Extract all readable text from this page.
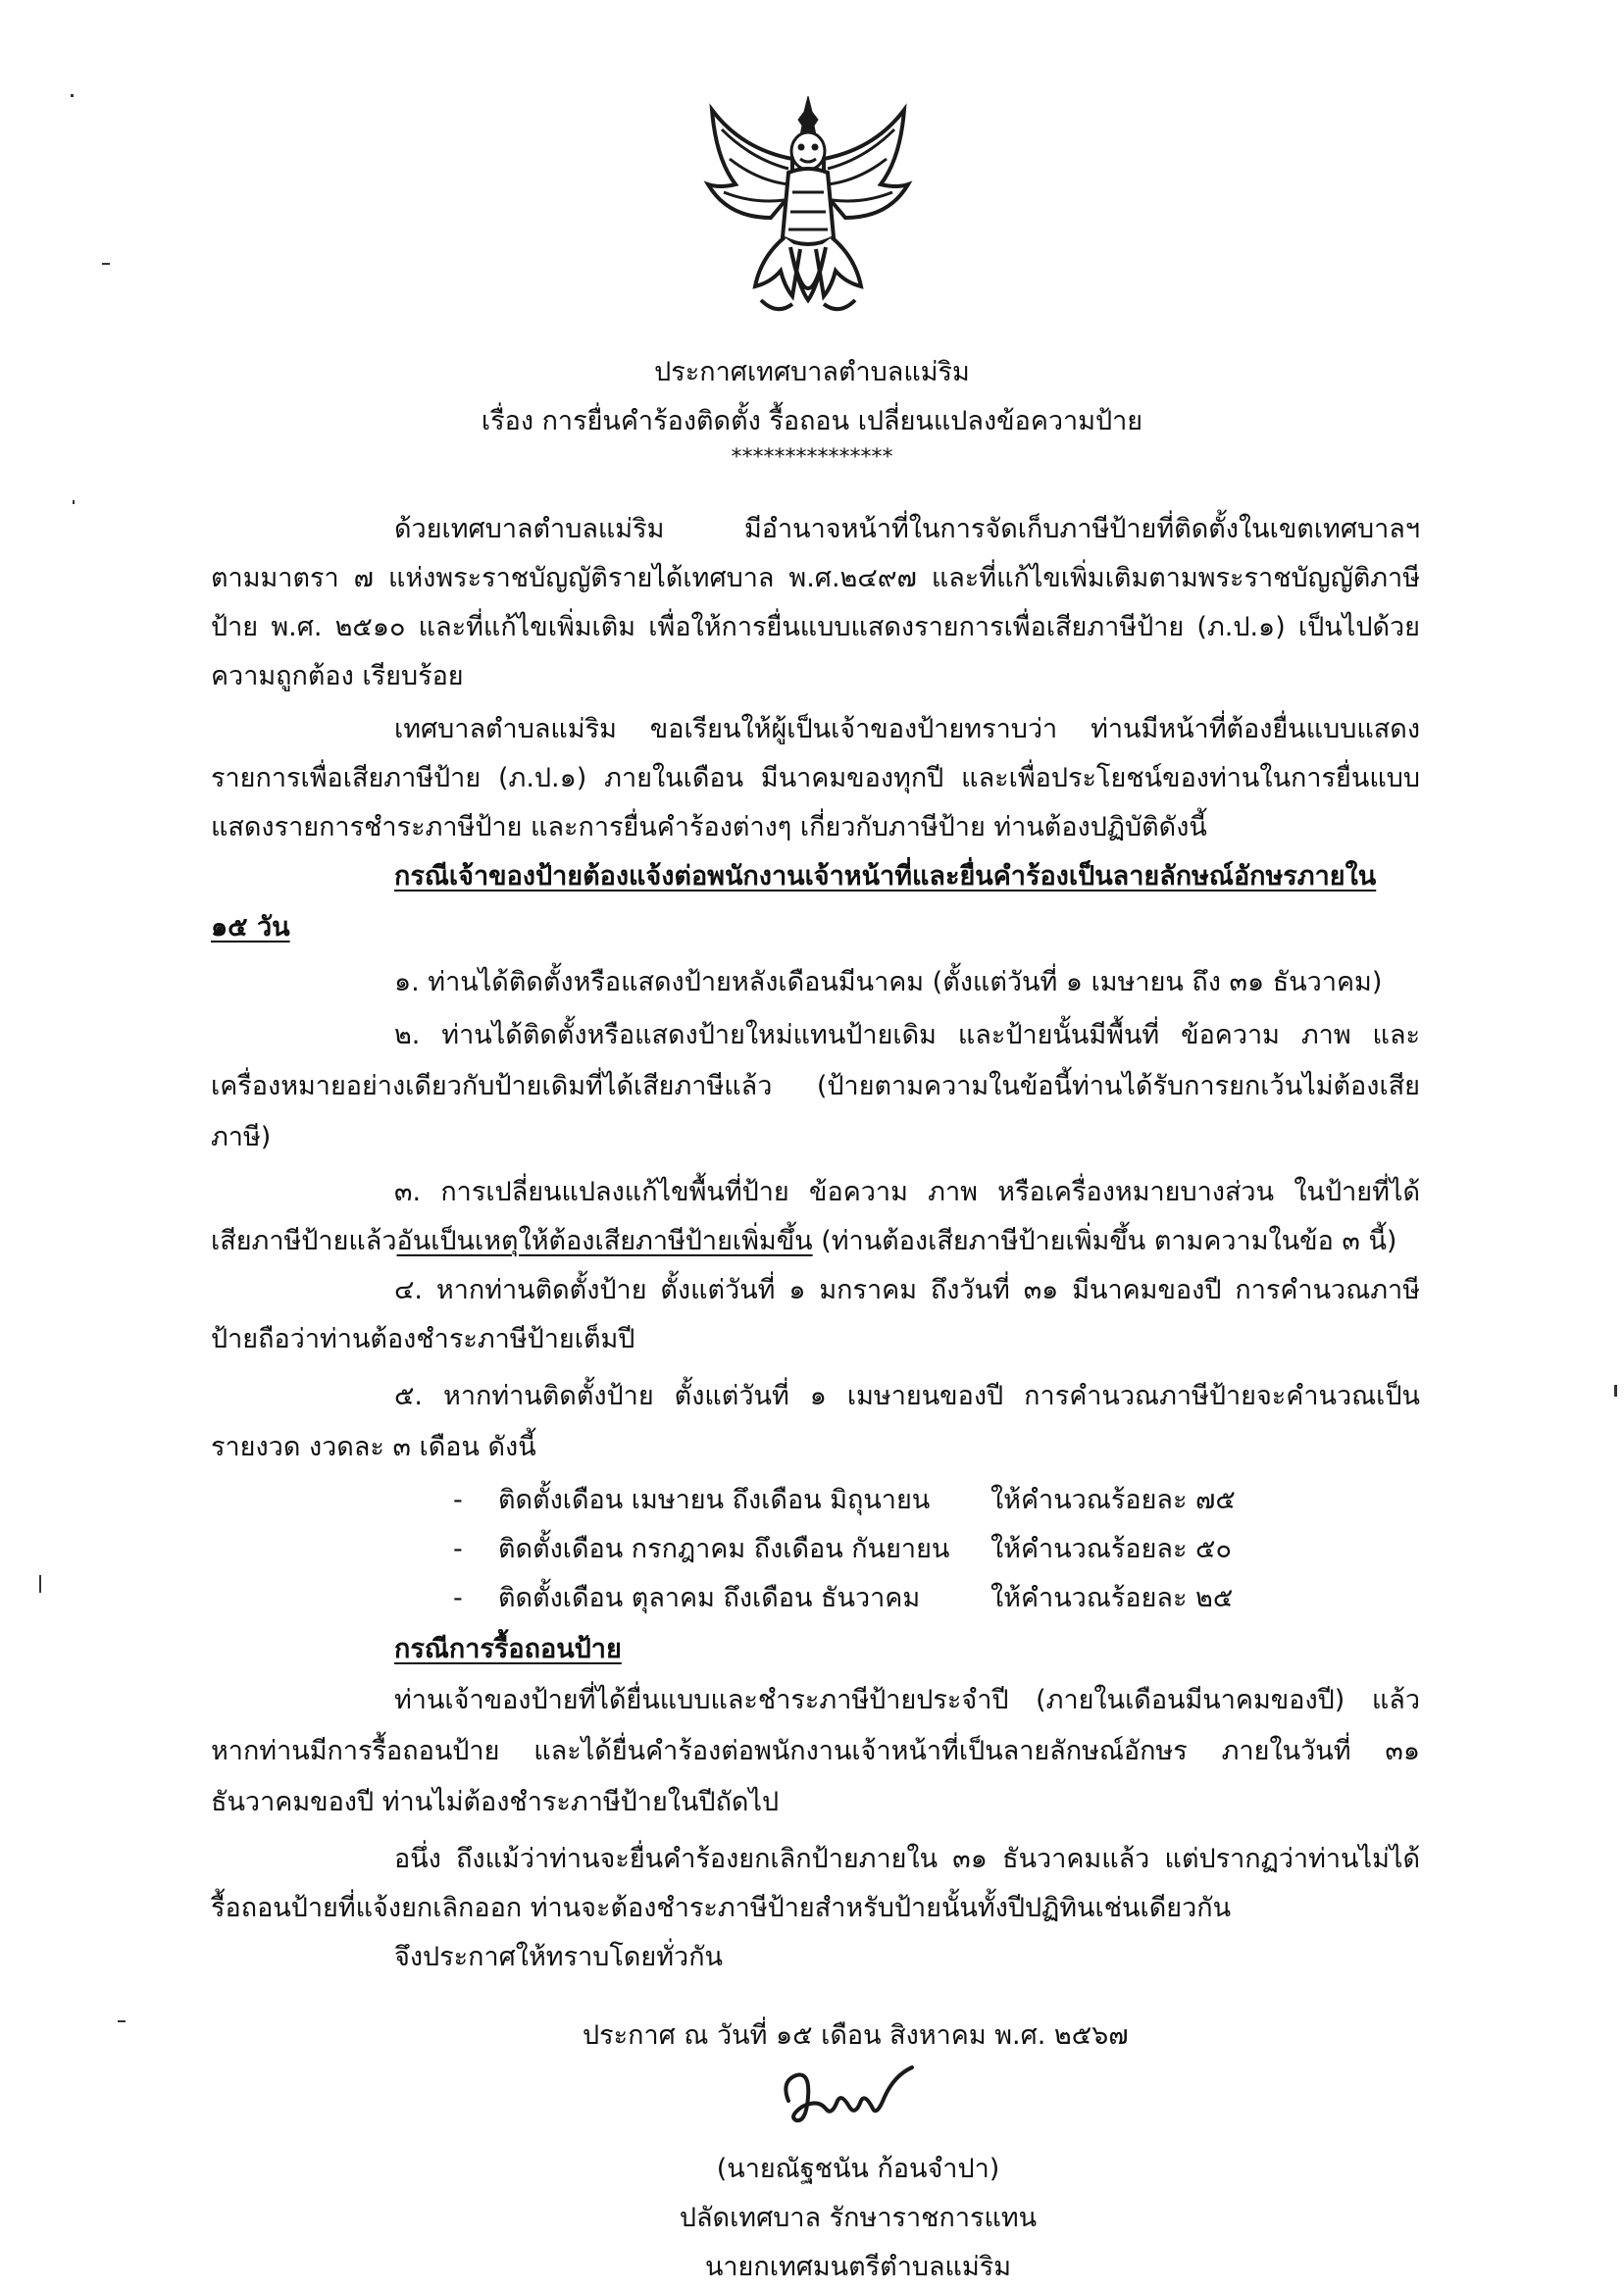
ประกาศเทศบาลตำบลแม่ริม
เรื่อง การยื่นคำร้องติดตั้ง รื้อถอน เปลี่ยนแปลงข้อความป้าย
***************
ด้วยเทศบาลตำบลแม่ริม มีอำนาจหน้าที่ในการจัดเก็บภาษีป้ายที่ติดตั้งในเขตเทศบาลฯ
ตามมาตรา ๗ แห่งพระราชบัญญัติรายได้เทศบาล พ.ศ.๒๔๙๗ และที่แก้ไขเพิ่มเติมตามพระราชบัญญัติภาษี
ป้าย พ.ศ. ๒๕๑๐ และที่แก้ไขเพิ่มเติม เพื่อให้การยื่นแบบแสดงรายการเพื่อเสียภาษีป้าย (ภ.ป.๑) เป็นไปด้วย
ความถูกต้อง เรียบร้อย
เทศบาลตำบลแม่ริม ขอเรียนให้ผู้เป็นเจ้าของป้ายทราบว่า ท่านมีหน้าที่ต้องยื่นแบบแสดง
รายการเพื่อเสียภาษีป้าย (ภ.ป.๑) ภายในเดือน มีนาคมของทุกปี และเพื่อประโยชน์ของท่านในการยื่นแบบ
แสดงรายการชำระภาษีป้าย และการยื่นคำร้องต่างๆ เกี่ยวกับภาษีป้าย ท่านต้องปฏิบัติดังนี้
กรณีเจ้าของป้ายต้องแจ้งต่อพนักงานเจ้าหน้าที่และยื่นคำร้องเป็นลายลักษณ์อักษรภายใน
๑๕ วัน
๑. ท่านได้ติดตั้งหรือแสดงป้ายหลังเดือนมีนาคม (ตั้งแต่วันที่ ๑ เมษายน ถึง ๓๑ ธันวาคม)
๒. ท่านได้ติดตั้งหรือแสดงป้ายใหม่แทนป้ายเดิม และป้ายนั้นมีพื้นที่ ข้อความ ภาพ และ
เครื่องหมายอย่างเดียวกับป้ายเดิมที่ได้เสียภาษีแล้ว (ป้ายตามความในข้อนี้ท่านได้รับการยกเว้นไม่ต้องเสีย
ภาษี)
๓. การเปลี่ยนแปลงแก้ไขพื้นที่ป้าย ข้อความ ภาพ หรือเครื่องหมายบางส่วน ในป้ายที่ได้
เสียภาษีป้ายแล้วอันเป็นเหตุให้ต้องเสียภาษีป้ายเพิ่มขึ้น (ท่านต้องเสียภาษีป้ายเพิ่มขึ้น ตามความในข้อ ๓ นี้)
๔. หากท่านติดตั้งป้าย ตั้งแต่วันที่ ๑ มกราคม ถึงวันที่ ๓๑ มีนาคมของปี การคำนวณภาษี
ป้ายถือว่าท่านต้องชำระภาษีป้ายเต็มปี
๕. หากท่านติดตั้งป้าย ตั้งแต่วันที่ ๑ เมษายนของปี การคำนวณภาษีป้ายจะคำนวณเป็น
รายงวด งวดละ ๓ เดือน ดังนี้
- ติดตั้งเดือน เมษายน ถึงเดือน มิถุนายน ให้คำนวณร้อยละ ๗๕
- ติดตั้งเดือน กรกฎาคม ถึงเดือน กันยายน ให้คำนวณร้อยละ ๕๐
- ติดตั้งเดือน ตุลาคม ถึงเดือน ธันวาคม	ให้คำนวณร้อยละ ๒๕
กรณีการรื้อถอนป้าย
ท่านเจ้าของป้ายที่ได้ยื่นแบบและชำระภาษีป้ายประจำปี (ภายในเดือนมีนาคมของปี) แล้ว
หากท่านมีการรื้อถอนป้าย และได้ยื่นคำร้องต่อพนักงานเจ้าหน้าที่เป็นลายลักษณ์อักษร ภายในวันที่ ๓๑
ธันวาคมของปี ท่านไม่ต้องชำระภาษีป้ายในปีถัดไป
อนึ่ง ถึงแม้ว่าท่านจะยื่นคำร้องยกเลิกป้ายภายใน ๓๑ ธันวาคมแล้ว แต่ปรากฏว่าท่านไม่ได้
รื้อถอนป้ายที่แจ้งยกเลิกออก ท่านจะต้องชำระภาษีป้ายสำหรับป้ายนั้นทั้งปีปฏิทินเช่นเดียวกัน
จึงประกาศให้ทราบโดยทั่วกัน
ประกาศ ณ วันที่ ๑๕ เดือน สิงหาคม พ.ศ. ๒๕๖๗
(นายณัฐชนัน ก้อนจำปา)
ปลัดเทศบาล รักษาราชการแทน
นายกเทศมนตรีตำบลแม่ริม
